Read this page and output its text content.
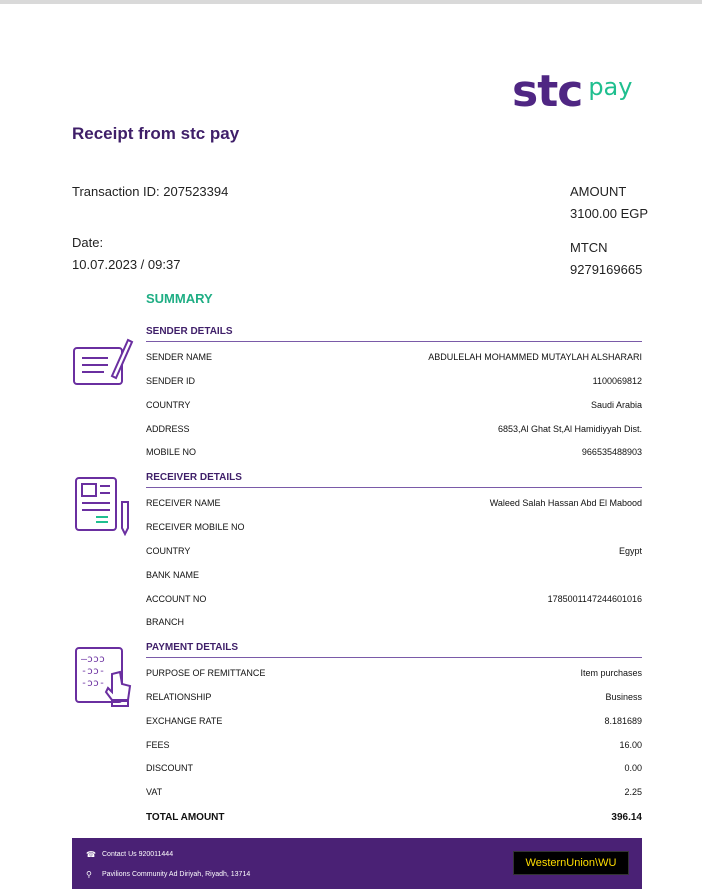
stc pay
Receipt from stc pay
Transaction ID: 207523394
Date:
10.07.2023 / 09:37
AMOUNT
3100.00 EGP
MTCN
9279169665
SUMMARY
SENDER DETAILS
SENDER NAME	ABDULELAH MOHAMMED MUTAYLAH ALSHARARI
SENDER ID	1100069812
COUNTRY	Saudi Arabia
ADDRESS	6853,Al Ghat St,Al Hamidiyyah Dist.
MOBILE NO	966535488903
RECEIVER DETAILS
RECEIVER NAME	Waleed Salah Hassan Abd El Mabood
RECEIVER MOBILE NO
COUNTRY	Egypt
BANK NAME
ACCOUNT NO	1785001147244601016
BRANCH
—ɔɔɔ
-ɔɔ-
-ɔɔ-
PAYMENT DETAILS
PURPOSE OF REMITTANCE	Item purchases
RELATIONSHIP	Business
EXCHANGE RATE	8.181689
FEES	16.00
DISCOUNT	0.00
VAT	2.25
TOTAL AMOUNT	396.14
☎ Contact Us 920011444
⚲	Pavilions Community Ad Diriyah, Riyadh, 13714
WesternUnion\WU
